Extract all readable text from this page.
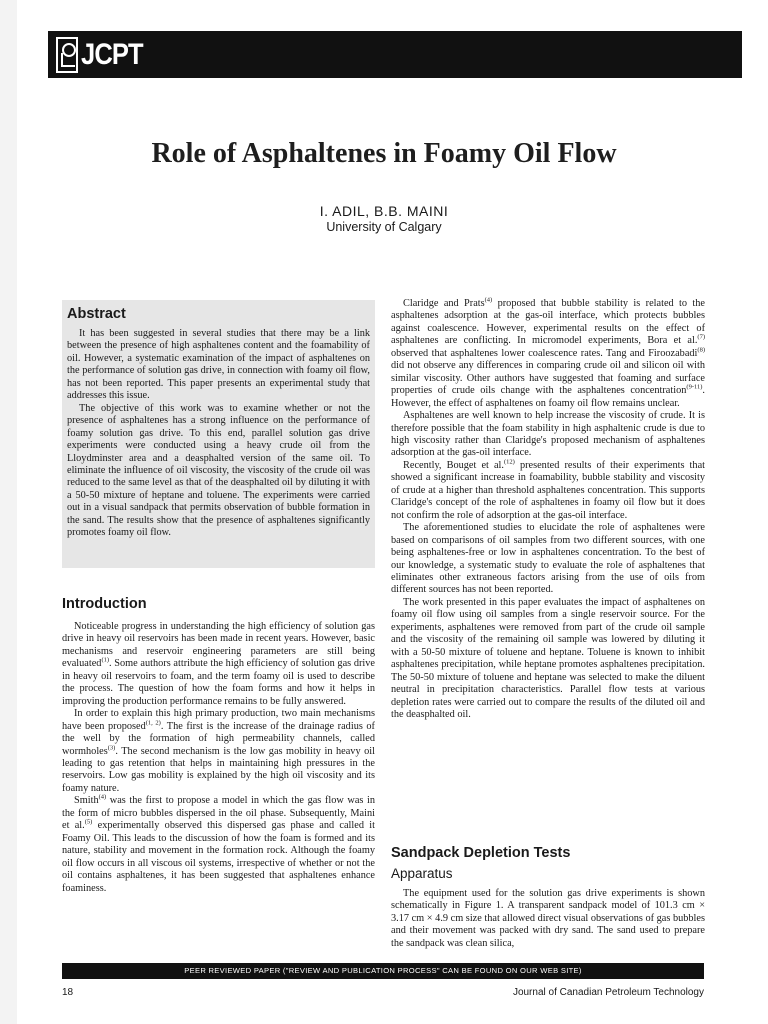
JCPT
Role of Asphaltenes in Foamy Oil Flow
I. ADIL, B.B. MAINI
University of Calgary
Abstract

It has been suggested in several studies that there may be a link between the presence of high asphaltenes content and the foamability of oil. However, a systematic examination of the impact of asphaltenes on the performance of solution gas drive, in connection with foamy oil flow, has not been reported. This paper presents an experimental study that addresses this issue.

The objective of this work was to examine whether or not the presence of asphaltenes has a strong influence on the performance of foamy solution gas drive. To this end, parallel solution gas drive experiments were conducted using a heavy crude oil from the Lloydminster area and a deasphalted version of the same oil. To eliminate the influence of oil viscosity, the viscosity of the crude oil was reduced to the same level as that of the deasphalted oil by diluting it with a 50-50 mixture of heptane and toluene. The experiments were carried out in a visual sandpack that permits observation of bubble formation in the sand. The results show that the presence of asphaltenes significantly promotes foamy oil flow.

Introduction

Noticeable progress in understanding the high efficiency of solution gas drive in heavy oil reservoirs has been made in recent years. However, basic mechanisms and reservoir engineering parameters are still being evaluated$^{(1)}$. Some authors attribute the high efficiency of solution gas drive in heavy oil reservoirs to foam, and the term foamy oil is used to describe the process. The question of how the foam forms and how it helps in improving the production performance remains to be fully answered.

In order to explain this high primary production, two main mechanisms have been proposed$^{(1, 2)}$. The first is the increase of the drainage radius of the well by the formation of high permeability channels, called wormholes$^{(3)}$. The second mechanism is the low gas mobility in heavy oil leading to gas retention that helps in maintaining high pressures in the reservoirs. Low gas mobility is explained by the high oil viscosity and its foamy nature.

Smith$^{(4)}$ was the first to propose a model in which the gas flow was in the form of micro bubbles dispersed in the oil phase. Subsequently, Maini et al.$^{(5)}$ experimentally observed this dispersed gas phase and called it Foamy Oil. This leads to the discussion of how the foam is formed and its nature, stability and movement in the formation rock. Although the foamy oil flow occurs in all viscous oil systems, irrespective of whether or not the oil contains asphaltenes, it has been suggested that asphaltenes enhance foaminess.

Claridge and Prats$^{(4)}$ proposed that bubble stability is related to the asphaltenes adsorption at the gas-oil interface, which protects bubbles against coalescence. However, experimental results on the effect of asphaltenes are conflicting. In micromodel experiments, Bora et al.$^{(7)}$ observed that asphaltenes lower coalescence rates. Tang and Firoozabadi$^{(8)}$ did not observe any differences in comparing crude oil and silicon oil with similar viscosity. Other authors have suggested that foaming and surface properties of crude oils change with the asphaltenes concentration$^{(9-11)}$. However, the effect of asphaltenes on foamy oil flow remains unclear.

Asphaltenes are well known to help increase the viscosity of crude. It is therefore possible that the foam stability in high asphaltenic crude is due to high viscosity rather than Claridge's proposed mechanism of asphaltenes adsorption at the gas-oil interface.

Recently, Bouget et al.$^{(12)}$ presented results of their experiments that showed a significant increase in foamability, bubble stability and viscosity of crude at a higher than threshold asphaltenes concentration. This supports Claridge's concept of the role of asphaltenes in foamy oil flow but it does not confirm the role of adsorption at the gas-oil interface.

The aforementioned studies to elucidate the role of asphaltenes were based on comparisons of oil samples from two different sources, with one being asphaltenes-free or low in asphaltenes concentration. To the best of our knowledge, a systematic study to evaluate the role of asphaltenes that eliminates other extraneous factors arising from the use of oils from different sources has not been reported.

The work presented in this paper evaluates the impact of asphaltenes on foamy oil flow using oil samples from a single reservoir source. For the experiments, asphaltenes were removed from part of the crude oil sample and the viscosity of the remaining oil sample was lowered by diluting it with a 50-50 mixture of toluene and heptane. Toluene is known to inhibit asphaltenes precipitation, while heptane promotes asphaltenes precipitation. The 50-50 mixture of toluene and heptane was selected to make the diluent neutral in precipitation characteristics. Parallel flow tests at various depletion rates were carried out to compare the results of the diluted oil and the deasphalted oil.

Sandpack Depletion Tests
Apparatus

The equipment used for the solution gas drive experiments is shown schematically in Figure 1. A transparent sandpack model of 101.3 cm × 3.17 cm × 4.9 cm size that allowed direct visual observations of gas bubbles and their movement was packed with dry sand. The sand used to prepare the sandpack was clean silica,

PEER REVIEWED PAPER ("REVIEW AND PUBLICATION PROCESS" CAN BE FOUND ON OUR WEB SITE)
18	Journal of Canadian Petroleum Technology
